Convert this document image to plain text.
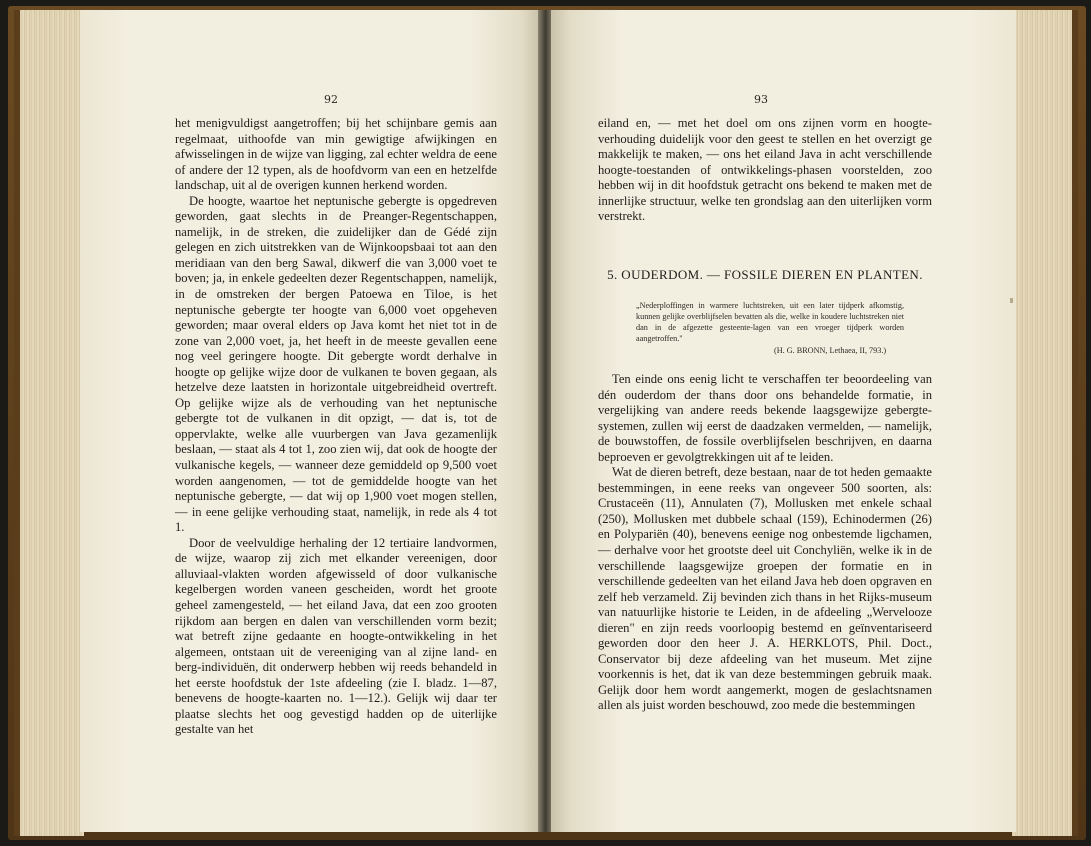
92

het menigvuldigst aangetroffen; bij het schijnbare gemis aan regelmaat, uithoofde van min gewigtige afwijkingen en afwisselingen in de wijze van ligging, zal echter weldra de eene of andere der 12 typen, als de hoofdvorm van een en hetzelfde landschap, uit al de overigen kunnen herkend worden.

De hoogte, waartoe het neptunische gebergte is opgedreven geworden, gaat slechts in de Preanger-Regentschappen, namelijk, in de streken, die zuidelijker dan de Gédé zijn gelegen en zich uitstrekken van de Wijnkoopsbaai tot aan den meridiaan van den berg Sawal, dikwerf die van 3,000 voet te boven; ja, in enkele gedeelten dezer Regentschappen, namelijk, in de omstreken der bergen Patoewa en Tiloe, is het neptunische gebergte ter hoogte van 6,000 voet opgeheven geworden; maar overal elders op Java komt het niet tot in de zone van 2,000 voet, ja, het heeft in de meeste gevallen eene nog veel geringere hoogte. Dit gebergte wordt derhalve in hoogte op gelijke wijze door de vulkanen te boven gegaan, als hetzelve deze laatsten in horizontale uitgebreidheid overtreft. Op gelijke wijze als de verhouding van het neptunische gebergte tot de vulkanen in dit opzigt, — dat is, tot de oppervlakte, welke alle vuurbergen van Java gezamenlijk beslaan, — staat als 4 tot 1, zoo zien wij, dat ook de hoogte der vulkanische kegels, — wanneer deze gemiddeld op 9,500 voet worden aangenomen, — tot de gemiddelde hoogte van het neptunische gebergte, — dat wij op 1,900 voet mogen stellen, — in eene gelijke verhouding staat, namelijk, in rede als 4 tot 1.

Door de veelvuldige herhaling der 12 tertiaire landvormen, de wijze, waarop zij zich met elkander vereenigen, door alluviaal-vlakten worden afgewisseld of door vulkanische kegelbergen worden vaneen gescheiden, wordt het groote geheel zamengesteld, — het eiland Java, dat een zoo grooten rijkdom aan bergen en dalen van verschillenden vorm bezit; wat betreft zijne gedaante en hoogte-ontwikkeling in het algemeen, ontstaan uit de vereeniging van al zijne land- en berg-individuën, dit onderwerp hebben wij reeds behandeld in het eerste hoofdstuk der 1ste afdeeling (zie I. bladz. 1—87, benevens de hoogte-kaarten no. 1—12.). Gelijk wij daar ter plaatse slechts het oog gevestigd hadden op de uiterlijke gestalte van het

93

eiland en, — met het doel om ons zijnen vorm en hoogte-verhouding duidelijk voor den geest te stellen en het overzigt ge makkelijk te maken, — ons het eiland Java in acht verschillende hoogte-toestanden of ontwikkelings-phasen voorstelden, zoo hebben wij in dit hoofdstuk getracht ons bekend te maken met de innerlijke structuur, welke ten grondslag aan den uiterlijken vorm verstrekt.

5. OUDERDOM. — FOSSILE DIEREN EN PLANTEN.
„Nederploffingen in warmere luchtstreken, uit een later tijdperk afkomstig, kunnen gelijke overblijfselen bevatten als die, welke in koudere luchtstreken niet dan in de afgezette gesteente-lagen van een vroeger tijdperk worden aangetroffen."
(H. G. BRONN, Lethaea, II, 793.)

Ten einde ons eenig licht te verschaffen ter beoordeeling van dén ouderdom der thans door ons behandelde formatie, in vergelijking van andere reeds bekende laagsgewijze gebergte-systemen, zullen wij eerst de daadzaken vermelden, — namelijk, de bouwstoffen, de fossile overblijfselen beschrijven, en daarna beproeven er gevolgtrekkingen uit af te leiden.

Wat de dieren betreft, deze bestaan, naar de tot heden gemaakte bestemmingen, in eene reeks van ongeveer 500 soorten, als: Crustaceën (11), Annulaten (7), Mollusken met enkele schaal (250), Mollusken met dubbele schaal (159), Echinodermen (26) en Polypariën (40), benevens eenige nog onbestemde ligchamen, — derhalve voor het grootste deel uit Conchyliën, welke ik in de verschillende laagsgewijze groepen der formatie en in verschillende gedeelten van het eiland Java heb doen opgraven en zelf heb verzameld. Zij bevinden zich thans in het Rijks-museum van natuurlijke historie te Leiden, in de afdeeling „Wervelooze dieren" en zijn reeds voorloopig bestemd en geïnventariseerd geworden door den heer J. A. HERKLOTS, Phil. Doct., Conservator bij deze afdeeling van het museum. Met zijne voorkennis is het, dat ik van deze bestemmingen gebruik maak. Gelijk door hem wordt aangemerkt, mogen de geslachtsnamen allen als juist worden beschouwd, zoo mede die bestemmingen
